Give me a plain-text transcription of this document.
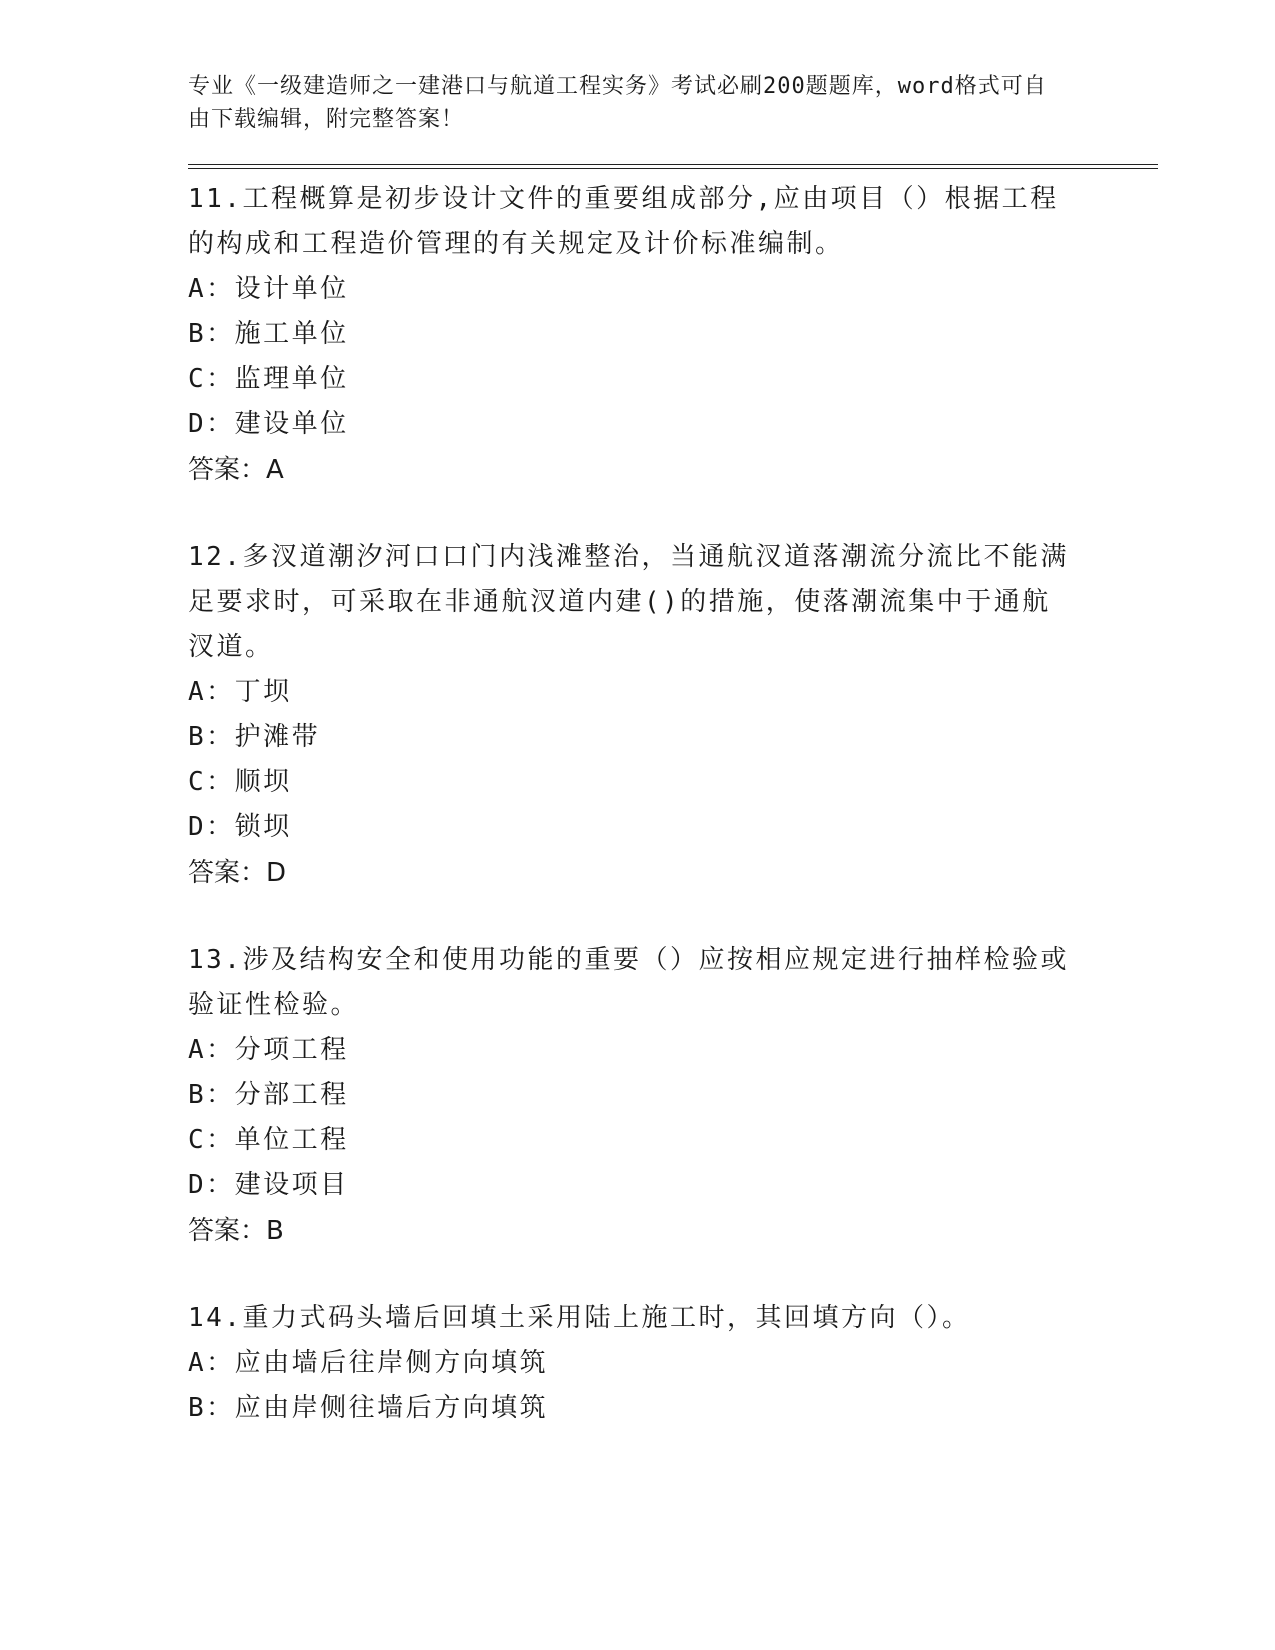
专业《一级建造师之一建港口与航道工程实务》考试必刷200题题库，word格式可自由下载编辑，附完整答案！

11.工程概算是初步设计文件的重要组成部分,应由项目（）根据工程的构成和工程造价管理的有关规定及计价标准编制。

A：设计单位

B：施工单位

C：监理单位

D：建设单位

答案：A

12.多汊道潮汐河口口门内浅滩整治，当通航汊道落潮流分流比不能满足要求时，可采取在非通航汊道内建()的措施，使落潮流集中于通航汊道。

A：丁坝

B：护滩带

C：顺坝

D：锁坝

答案：D

13.涉及结构安全和使用功能的重要（）应按相应规定进行抽样检验或验证性检验。

A：分项工程

B：分部工程

C：单位工程

D：建设项目

答案：B

14.重力式码头墙后回填土采用陆上施工时，其回填方向（）。

A：应由墙后往岸侧方向填筑

B：应由岸侧往墙后方向填筑
